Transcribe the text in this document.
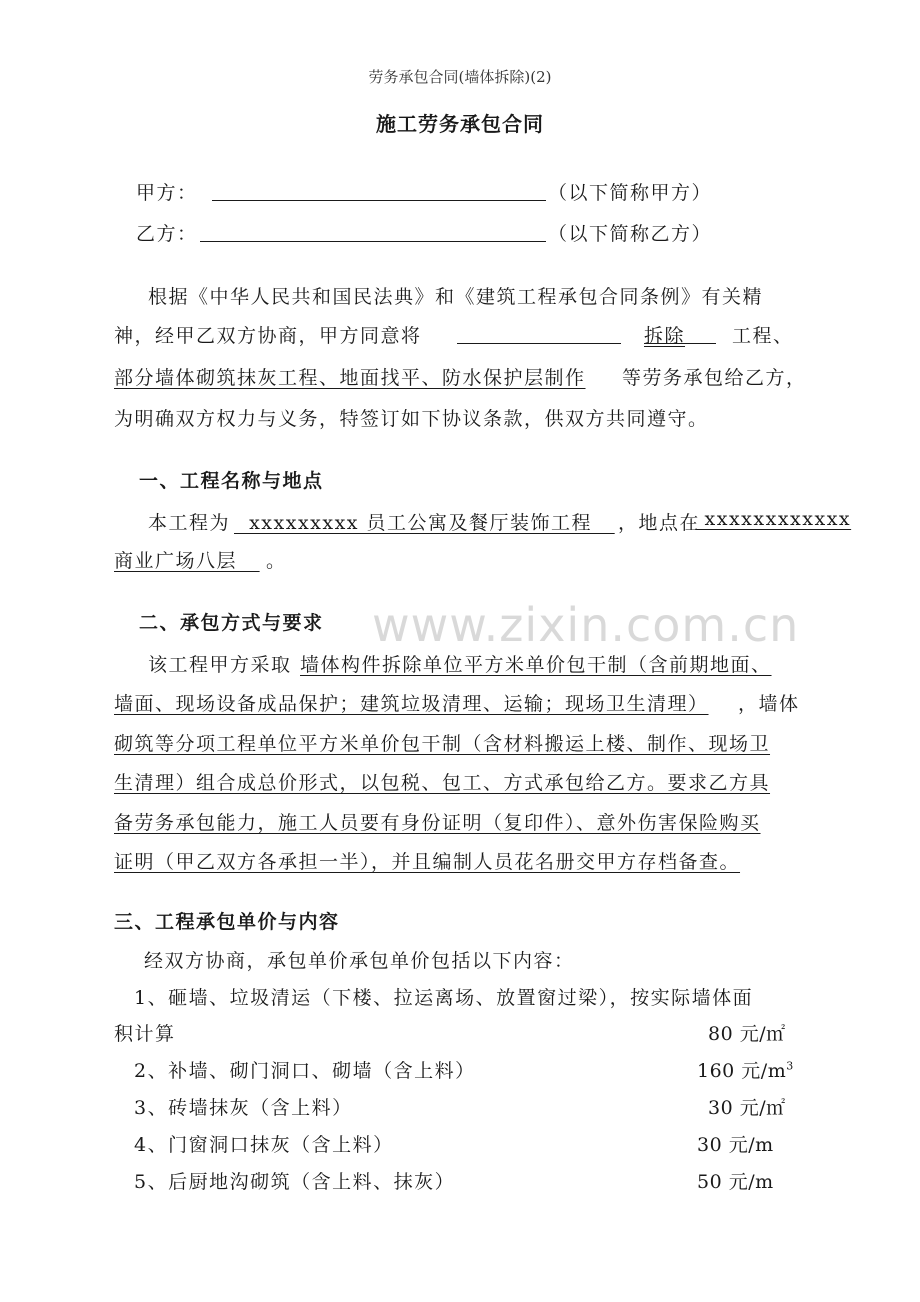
www.zixin.com.cn
劳务承包合同(墙体拆除)(2)
施工劳务承包合同
甲方：	（以下简称甲方）
乙方：	（以下简称乙方）
根据《中华人民共和国民法典》和《建筑工程承包合同条例》有关精
神，经甲乙双方协商，甲方同意将	拆除 工程、
部分墙体砌筑抹灰工程、地面找平、防水保护层制作 等劳务承包给乙方，
为明确双方权力与义务，特签订如下协议条款，供双方共同遵守。
一、工程名称与地点
本工程为 xxxxxxxxx 员工公寓及餐厅装饰工程 ，地点在
xxxxxxxxxxxx
商业广场八层 。
二、承包方式与要求
该工程甲方采取 墙体构件拆除单位平方米单价包干制（含前期地面、
墙面、现场设备成品保护；建筑垃圾清理、运输；现场卫生清理） ，墙体
砌筑等分项工程单位平方米单价包干制（含材料搬运上楼、制作、现场卫
生清理）组合成总价形式，以包税、包工、方式承包给乙方。要求乙方具
备劳务承包能力，施工人员要有身份证明（复印件）、意外伤害保险购买
证明（甲乙双方各承担一半），并且编制人员花名册交甲方存档备查。
三、工程承包单价与内容
经双方协商，承包单价承包单价包括以下内容：
1、砸墙、垃圾清运（下楼、拉运离场、放置窗过梁），按实际墙体面
积计算	80 元/㎡
2、补墙、砌门洞口、砌墙（含上料）	160 元$/m^3$
3、砖墙抹灰（含上料）	30 元/㎡
4、门窗洞口抹灰（含上料）	30 元/m
5、后厨地沟砌筑（含上料、抹灰）	50 元/m
